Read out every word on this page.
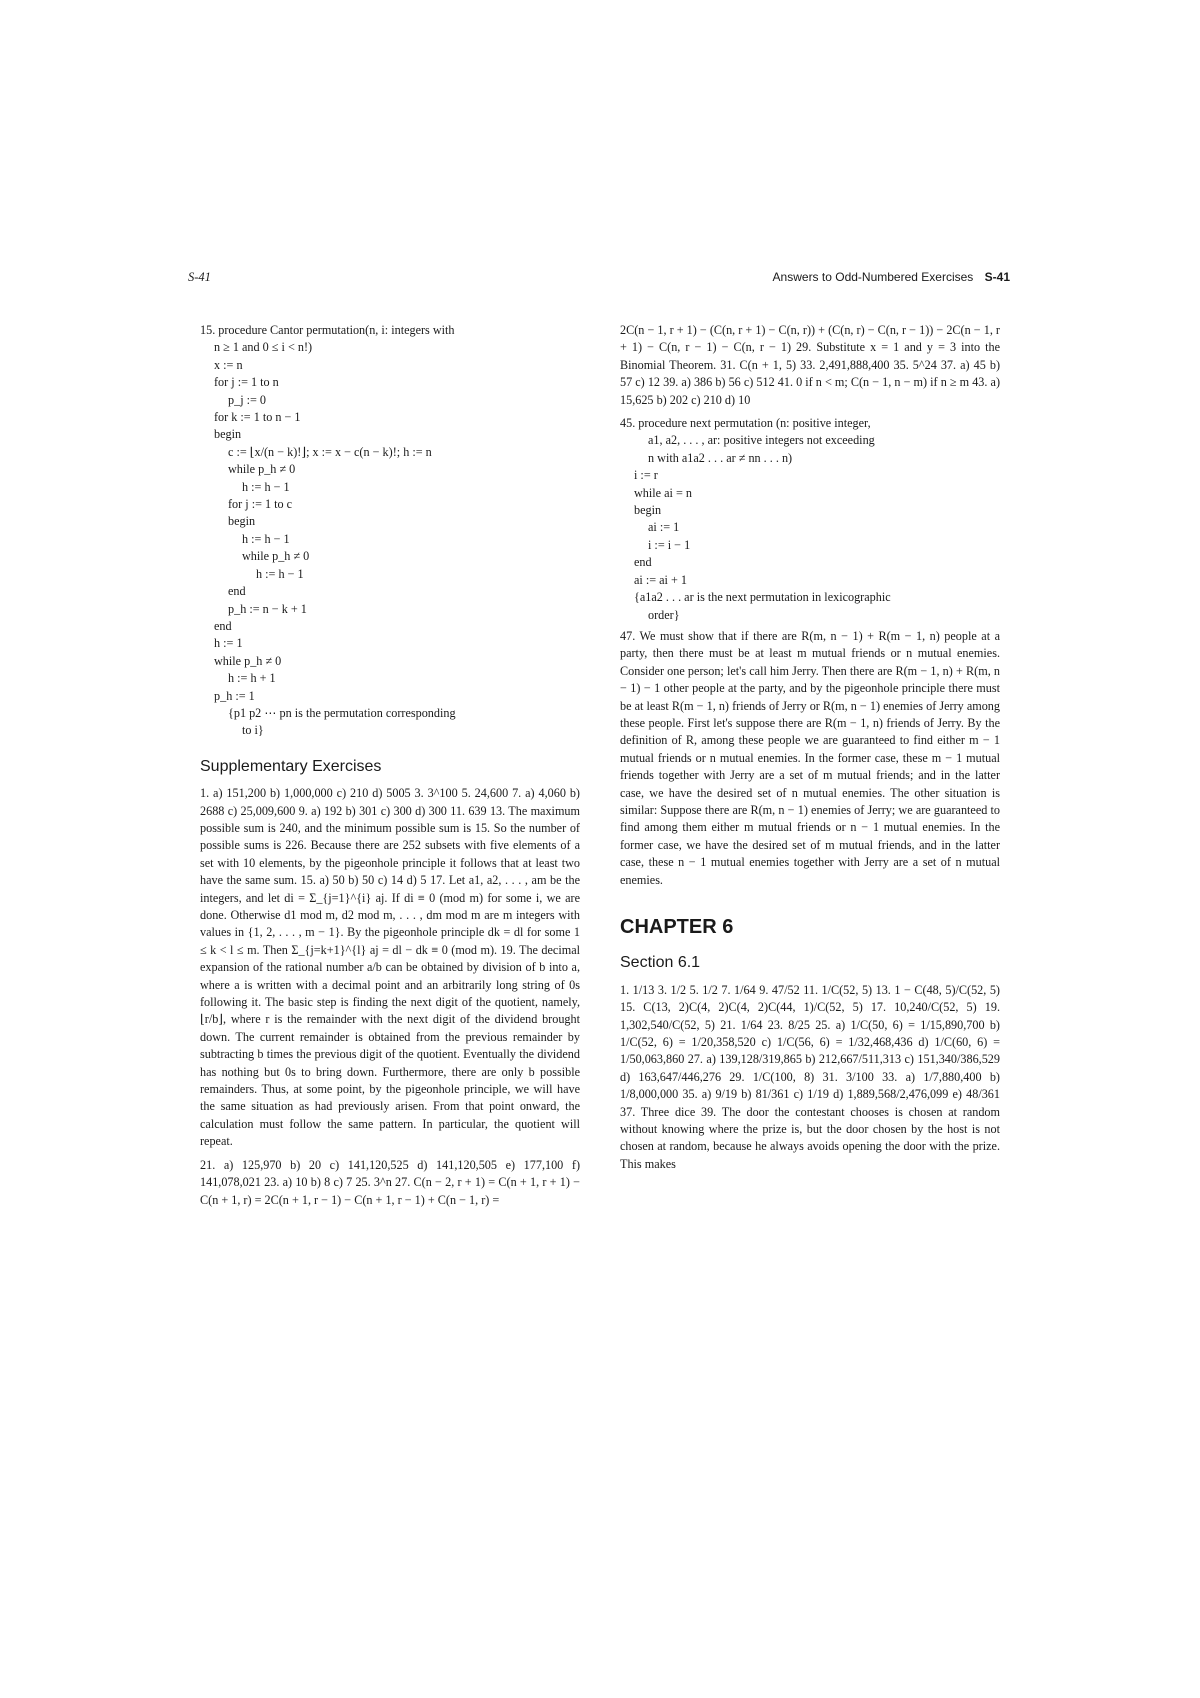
S-41	Answers to Odd-Numbered Exercises S-41
15. procedure Cantor permutation(n, i: integers with
n ≥ 1 and 0 ≤ i < n!)
x := n
for j := 1 to n
p_j := 0
for k := 1 to n − 1
begin
c := ⌊x/(n − k)!⌋; x := x − c(n − k)!; h := n
while p_h ≠ 0
h := h − 1
for j := 1 to c
begin
h := h − 1
while p_h ≠ 0
h := h − 1
end
p_h := n − k + 1
end
h := 1
while p_h ≠ 0
h := h + 1
p_h := 1
{p1 p2 ⋯ pn is the permutation corresponding
to i}
Supplementary Exercises

1. a) 151,200 b) 1,000,000 c) 210 d) 5005 3. 3^100 5. 24,600 7. a) 4,060 b) 2688 c) 25,009,600 9. a) 192 b) 301 c) 300 d) 300 11. 639 13. The maximum possible sum is 240, and the minimum possible sum is 15. So the number of possible sums is 226. Because there are 252 subsets with five elements of a set with 10 elements, by the pigeonhole principle it follows that at least two have the same sum. 15. a) 50 b) 50 c) 14 d) 5 17. Let a1, a2, . . . , am be the integers, and let di = Σ_{j=1}^{i} aj. If di ≡ 0 (mod m) for some i, we are done. Otherwise d1 mod m, d2 mod m, . . . , dm mod m are m integers with values in {1, 2, . . . , m − 1}. By the pigeonhole principle dk = dl for some 1 ≤ k < l ≤ m. Then Σ_{j=k+1}^{l} aj = dl − dk ≡ 0 (mod m). 19. The decimal expansion of the rational number a/b can be obtained by division of b into a, where a is written with a decimal point and an arbitrarily long string of 0s following it. The basic step is finding the next digit of the quotient, namely, ⌊r/b⌋, where r is the remainder with the next digit of the dividend brought down. The current remainder is obtained from the previous remainder by subtracting b times the previous digit of the quotient. Eventually the dividend has nothing but 0s to bring down. Furthermore, there are only b possible remainders. Thus, at some point, by the pigeonhole principle, we will have the same situation as had previously arisen. From that point onward, the calculation must follow the same pattern. In particular, the quotient will repeat.

21. a) 125,970 b) 20 c) 141,120,525 d) 141,120,505 e) 177,100 f) 141,078,021 23. a) 10 b) 8 c) 7 25. 3^n 27. C(n − 2, r + 1) = C(n + 1, r + 1) − C(n + 1, r) = 2C(n + 1, r − 1) − C(n + 1, r − 1) + C(n − 1, r) =

2C(n − 1, r + 1) − (C(n, r + 1) − C(n, r)) + (C(n, r) − C(n, r − 1)) − 2C(n − 1, r + 1) − C(n, r − 1) − C(n, r − 1) 29. Substitute x = 1 and y = 3 into the Binomial Theorem. 31. C(n + 1, 5) 33. 2,491,888,400 35. 5^24 37. a) 45 b) 57 c) 12 39. a) 386 b) 56 c) 512 41. 0 if n < m; C(n − 1, n − m) if n ≥ m 43. a) 15,625 b) 202 c) 210 d) 10

45. procedure next permutation (n: positive integer,
a1, a2, . . . , ar: positive integers not exceeding
n with a1a2 . . . ar ≠ nn . . . n)
i := r
while ai = n
begin
ai := 1
i := i − 1
end
ai := ai + 1
{a1a2 . . . ar is the next permutation in lexicographic
order}

47. We must show that if there are R(m, n − 1) + R(m − 1, n) people at a party, then there must be at least m mutual friends or n mutual enemies. Consider one person; let's call him Jerry. Then there are R(m − 1, n) + R(m, n − 1) − 1 other people at the party, and by the pigeonhole principle there must be at least R(m − 1, n) friends of Jerry or R(m, n − 1) enemies of Jerry among these people. First let's suppose there are R(m − 1, n) friends of Jerry. By the definition of R, among these people we are guaranteed to find either m − 1 mutual friends or n mutual enemies. In the former case, these m − 1 mutual friends together with Jerry are a set of m mutual friends; and in the latter case, we have the desired set of n mutual enemies. The other situation is similar: Suppose there are R(m, n − 1) enemies of Jerry; we are guaranteed to find among them either m mutual friends or n − 1 mutual enemies. In the former case, we have the desired set of m mutual friends, and in the latter case, these n − 1 mutual enemies together with Jerry are a set of n mutual enemies.

CHAPTER 6
Section 6.1

1. 1/13 3. 1/2 5. 1/2 7. 1/64 9. 47/52 11. 1/C(52, 5) 13. 1 − C(48, 5)/C(52, 5) 15. C(13, 2)C(4, 2)C(4, 2)C(44, 1)/C(52, 5) 17. 10,240/C(52, 5) 19. 1,302,540/C(52, 5) 21. 1/64 23. 8/25 25. a) 1/C(50, 6) = 1/15,890,700 b) 1/C(52, 6) = 1/20,358,520 c) 1/C(56, 6) = 1/32,468,436 d) 1/C(60, 6) = 1/50,063,860 27. a) 139,128/319,865 b) 212,667/511,313 c) 151,340/386,529 d) 163,647/446,276 29. 1/C(100, 8) 31. 3/100 33. a) 1/7,880,400 b) 1/8,000,000 35. a) 9/19 b) 81/361 c) 1/19 d) 1,889,568/2,476,099 e) 48/361 37. Three dice 39. The door the contestant chooses is chosen at random without knowing where the prize is, but the door chosen by the host is not chosen at random, because he always avoids opening the door with the prize. This makes
